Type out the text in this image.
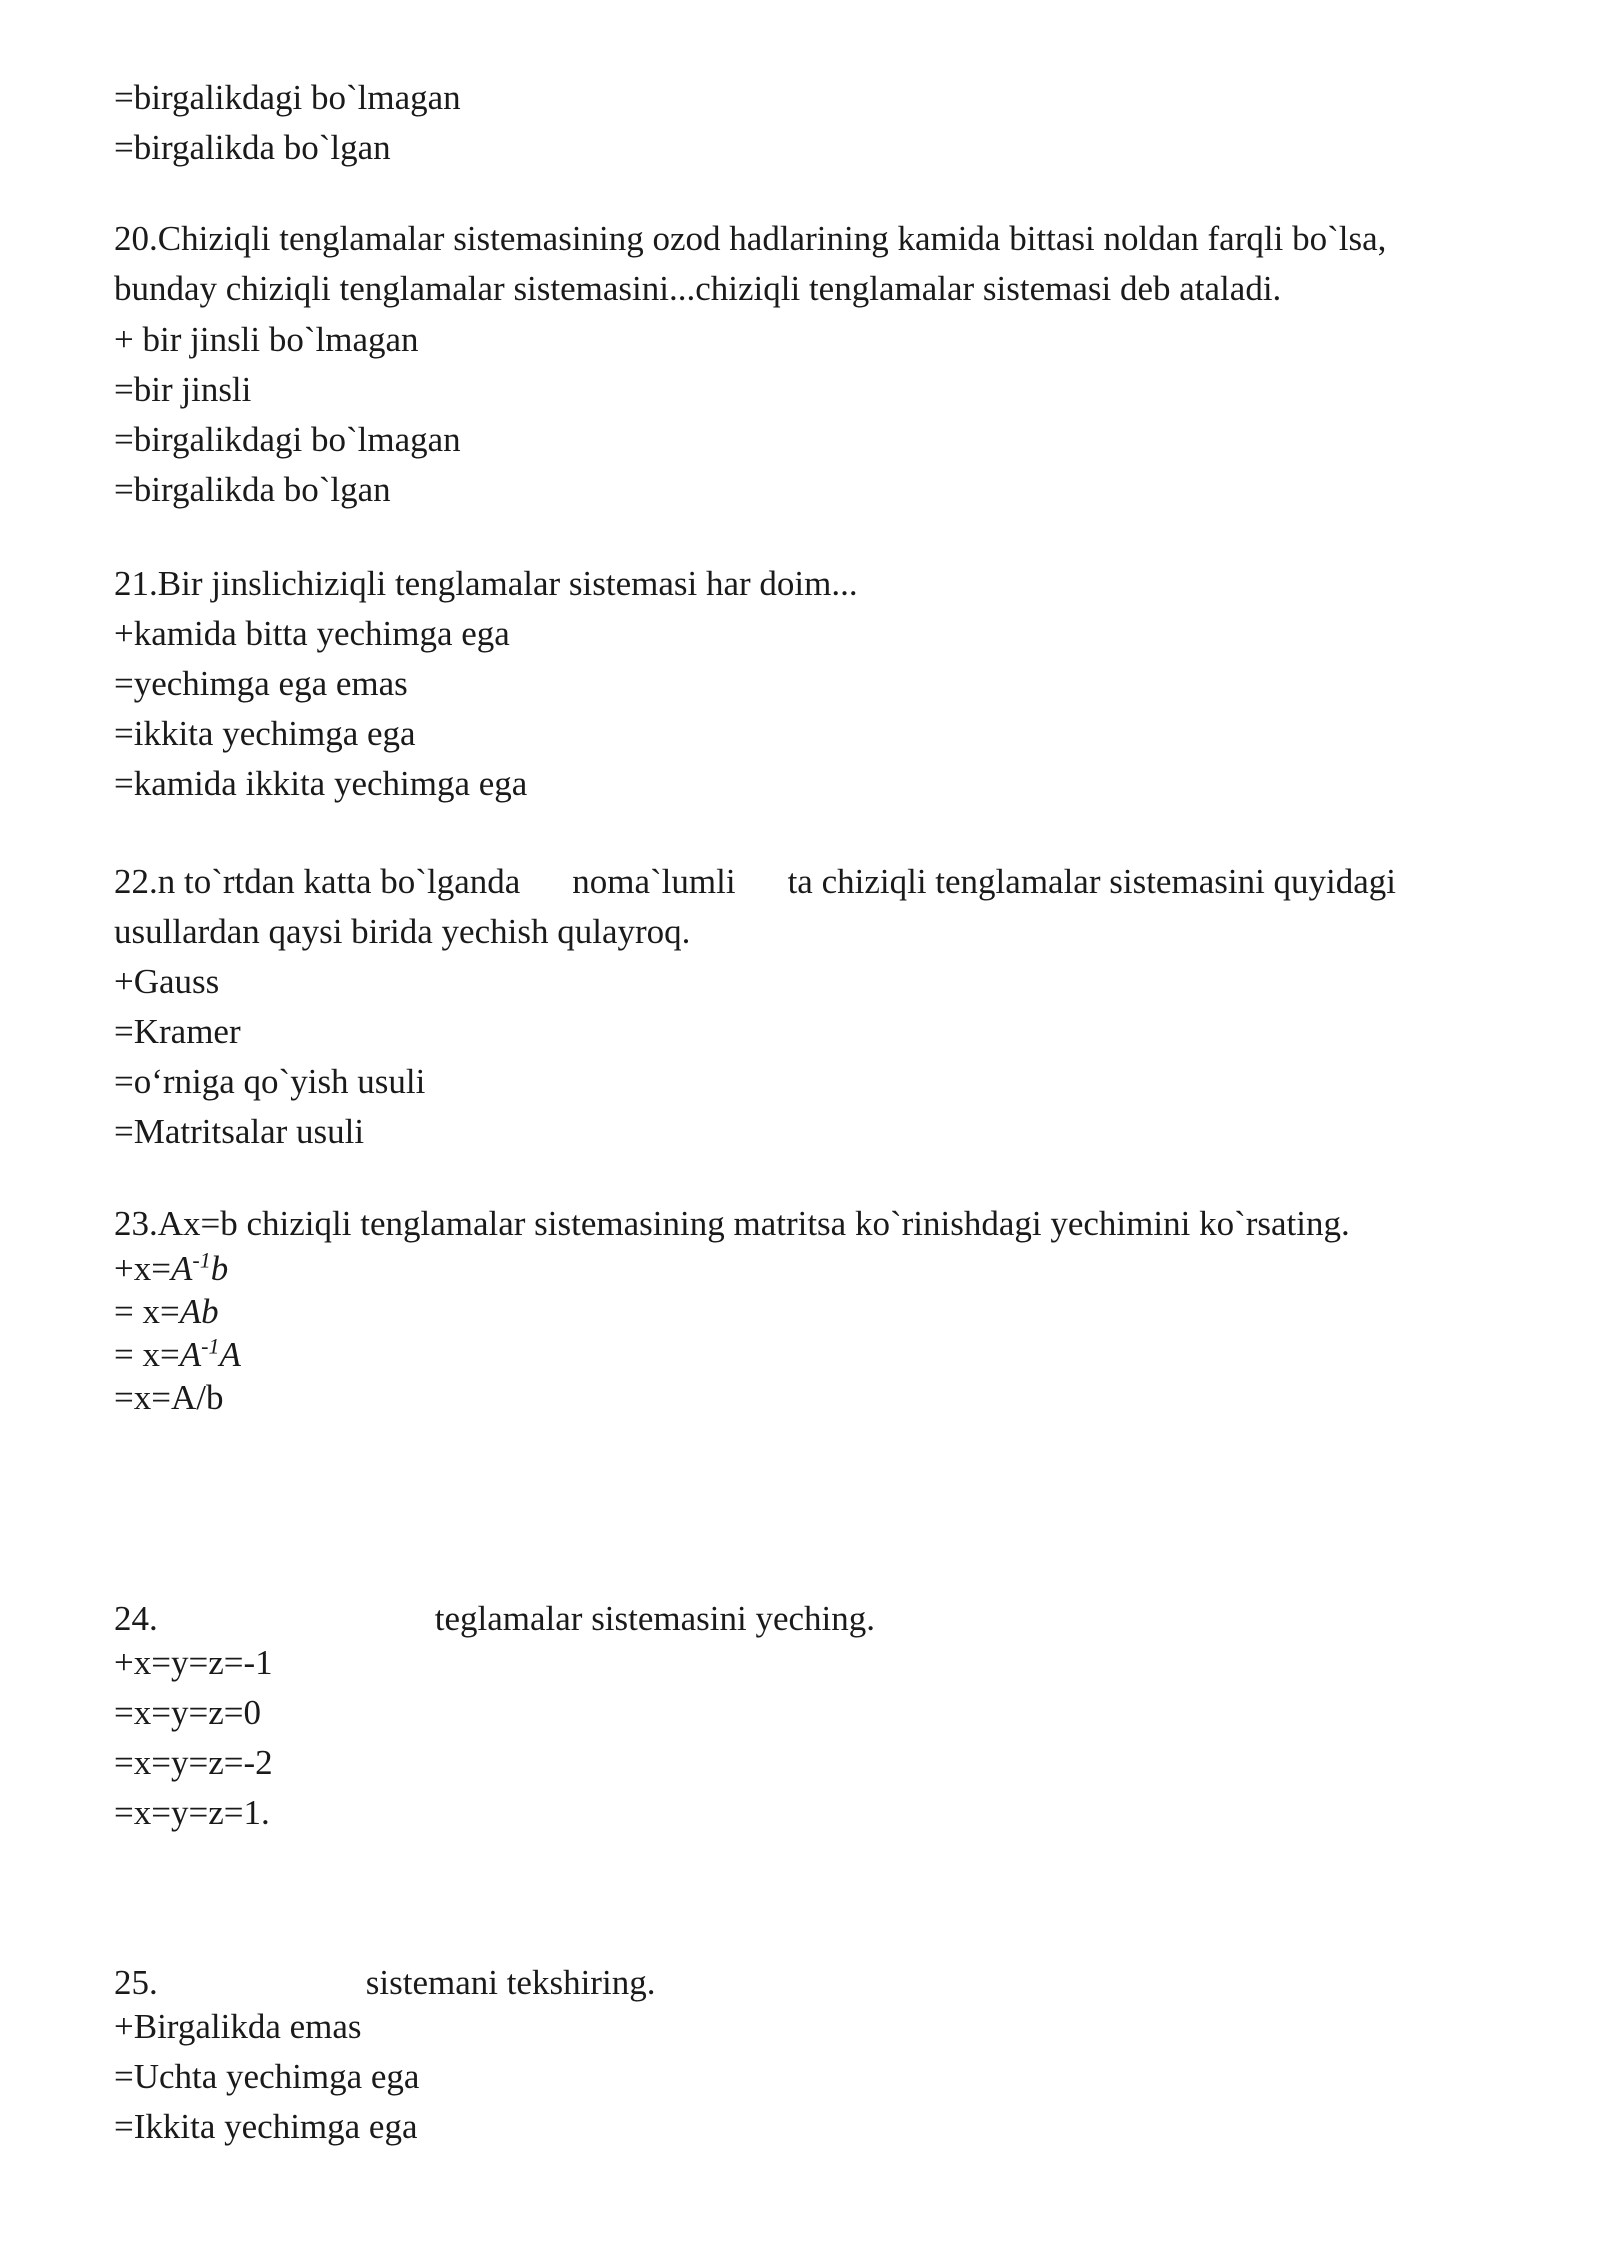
=birgalikdagi bo`lmagan
=birgalikda bo`lgan
20.Chiziqli tenglamalar sistemasining ozod hadlarining kamida bittasi noldan farqli bo`lsa, bunday chiziqli tenglamalar sistemasini...chiziqli tenglamalar sistemasi deb ataladi.
+ bir jinsli bo`lmagan
=bir jinsli
=birgalikdagi bo`lmagan
=birgalikda bo`lgan
21.Bir jinslichiziqli tenglamalar sistemasi har doim...
+kamida bitta yechimga ega
=yechimga ega emas
=ikkita yechimga ega
=kamida ikkita yechimga ega
22.n to`rtdan katta bo`lganda noma`lumli ta chiziqli tenglamalar sistemasini quyidagi
usullardan qaysi birida yechish qulayroq.
+Gauss
=Kramer
=o‘rniga qo`yish usuli
=Matritsalar usuli
23.Ax=b chiziqli tenglamalar sistemasining matritsa ko`rinishdagi yechimini ko`rsating.
$+x=A^{-1}b$
= x=Ab
= $x=A^{-1}A$
=x=A/b
24.	teglamalar sistemasini yeching.
+x=y=z=-1
=x=y=z=0
=x=y=z=-2
=x=y=z=1.
25.	sistemani tekshiring.
+Birgalikda emas
=Uchta yechimga ega
=Ikkita yechimga ega
